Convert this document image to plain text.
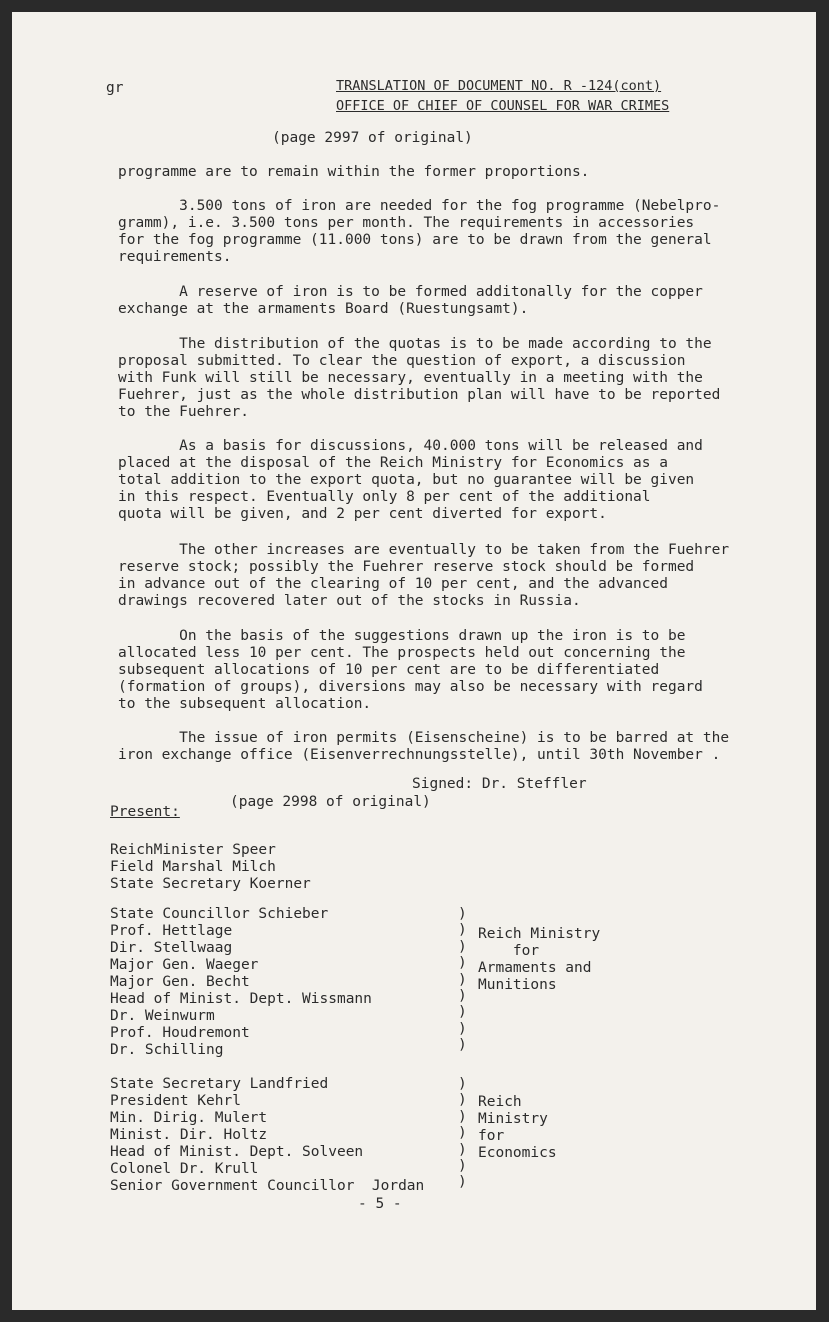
gr	TRANSLATION OF DOCUMENT NO. R -124(cont)

OFFICE OF CHIEF OF COUNSEL FOR WAR CRIMES

(page 2997 of original)

programme are to remain within the former proportions.

3.500 tons of iron are needed for the fog programme (Nebelpro-

gramm), i.e. 3.500 tons per month. The requirements in accessories

for the fog programme (11.000 tons) are to be drawn from the general

requirements.

A reserve of iron is to be formed additonally for the copper

exchange at the armaments Board (Ruestungsamt).

The distribution of the quotas is to be made according to the

proposal submitted. To clear the question of export, a discussion

with Funk will still be necessary, eventually in a meeting with the

Fuehrer, just as the whole distribution plan will have to be reported

to the Fuehrer.

As a basis for discussions, 40.000 tons will be released and

placed at the disposal of the Reich Ministry for Economics as a

total addition to the export quota, but no guarantee will be given

in this respect. Eventually only 8 per cent of the additional

quota will be given, and 2 per cent diverted for export.

The other increases are eventually to be taken from the Fuehrer

reserve stock; possibly the Fuehrer reserve stock should be formed

in advance out of the clearing of 10 per cent, and the advanced

drawings recovered later out of the stocks in Russia.

On the basis of the suggestions drawn up the iron is to be

allocated less 10 per cent. The prospects held out concerning the

subsequent allocations of 10 per cent are to be differentiated

(formation of groups), diversions may also be necessary with regard

to the subsequent allocation.

The issue of iron permits (Eisenscheine) is to be barred at the

iron exchange office (Eisenverrechnungsstelle), until 30th November .

Signed: Dr. Steffler

(page 2998 of original)

Present:

ReichMinister Speer

Field Marshal Milch

State Secretary Koerner

State Councillor Schieber

Prof. Hettlage

Dir. Stellwaag

Major Gen. Waeger

Major Gen. Becht

Head of Minist. Dept. Wissmann

Dr. Weinwurm

Prof. Houdremont

Dr. Schilling

)
)
)
)
)
)
)
)
)

Reich Ministry

for

Armaments and

Munitions

State Secretary Landfried

President Kehrl

Min. Dirig. Mulert

Minist. Dir. Holtz

Head of Minist. Dept. Solveen

Colonel Dr. Krull

Senior Government Councillor  Jordan

)
)
)
)
)
)
)

Reich

Ministry

for

Economics

- 5 -
